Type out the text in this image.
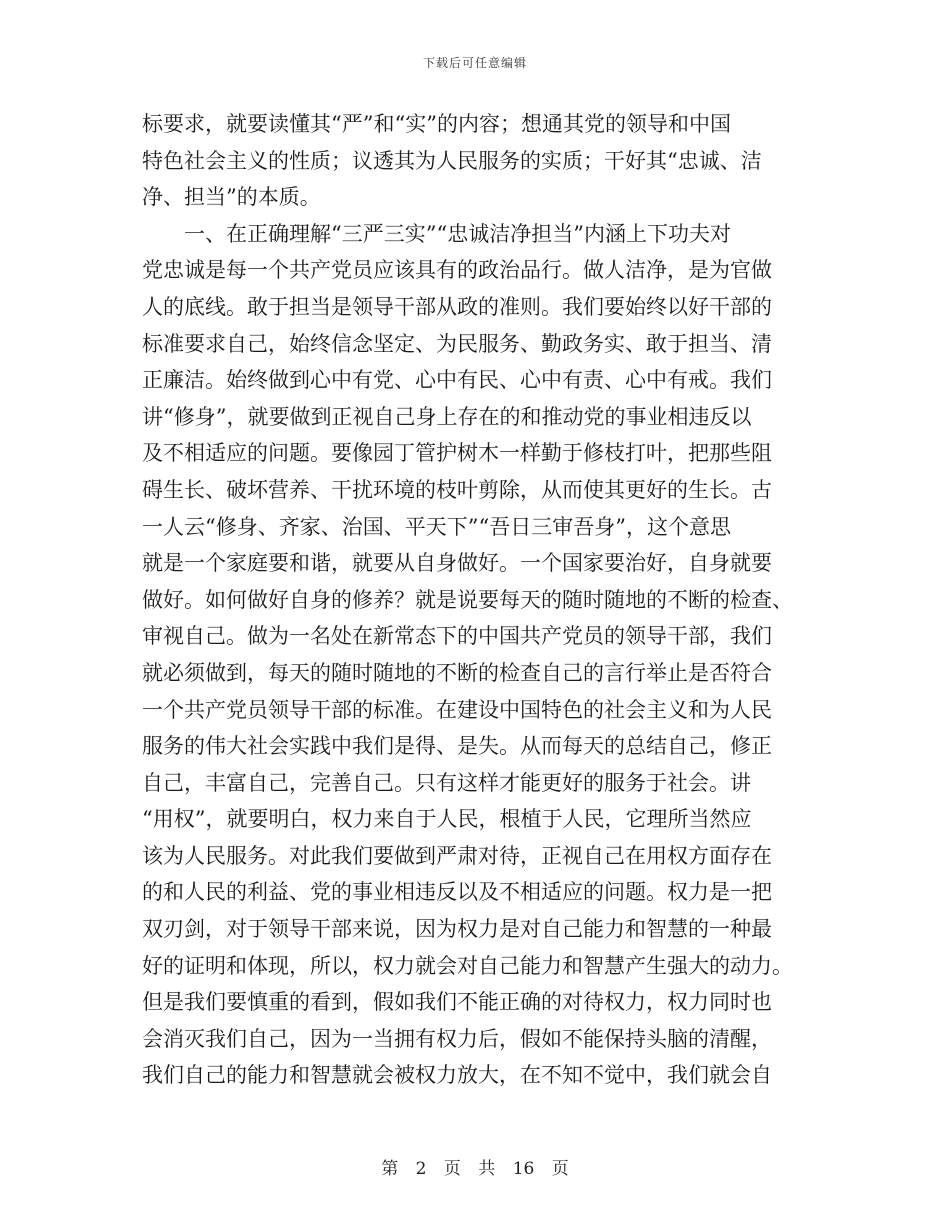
下载后可任意编辑
标要求，就要读懂其“严”和“实”的内容；想通其党的领导和中国
特色社会主义的性质；议透其为人民服务的实质；干好其“忠诚、洁
净、担当”的本质。
一、在正确理解“三严三实”“忠诚洁净担当”内涵上下功夫对
党忠诚是每一个共产党员应该具有的政治品行。做人洁净，是为官做
人的底线。敢于担当是领导干部从政的准则。我们要始终以好干部的
标准要求自己，始终信念坚定、为民服务、勤政务实、敢于担当、清
正廉洁。始终做到心中有党、心中有民、心中有责、心中有戒。我们
讲“修身”，就要做到正视自己身上存在的和推动党的事业相违反以
及不相适应的问题。要像园丁管护树木一样勤于修枝打叶，把那些阻
碍生长、破坏营养、干扰环境的枝叶剪除，从而使其更好的生长。古
一人云“修身、齐家、治国、平天下”“吾日三审吾身”，这个意思
就是一个家庭要和谐，就要从自身做好。一个国家要治好，自身就要
做好。如何做好自身的修养？就是说要每天的随时随地的不断的检查、
审视自己。做为一名处在新常态下的中国共产党员的领导干部，我们
就必须做到，每天的随时随地的不断的检查自己的言行举止是否符合
一个共产党员领导干部的标准。在建设中国特色的社会主义和为人民
服务的伟大社会实践中我们是得、是失。从而每天的总结自己，修正
自己，丰富自己，完善自己。只有这样才能更好的服务于社会。讲
“用权”，就要明白，权力来自于人民，根植于人民，它理所当然应
该为人民服务。对此我们要做到严肃对待，正视自己在用权方面存在
的和人民的利益、党的事业相违反以及不相适应的问题。权力是一把
双刃剑，对于领导干部来说，因为权力是对自己能力和智慧的一种最
好的证明和体现，所以，权力就会对自己能力和智慧产生强大的动力。
但是我们要慎重的看到，假如我们不能正确的对待权力，权力同时也
会消灭我们自己，因为一当拥有权力后，假如不能保持头脑的清醒，
我们自己的能力和智慧就会被权力放大，在不知不觉中，我们就会自
第 2 页 共 16 页
